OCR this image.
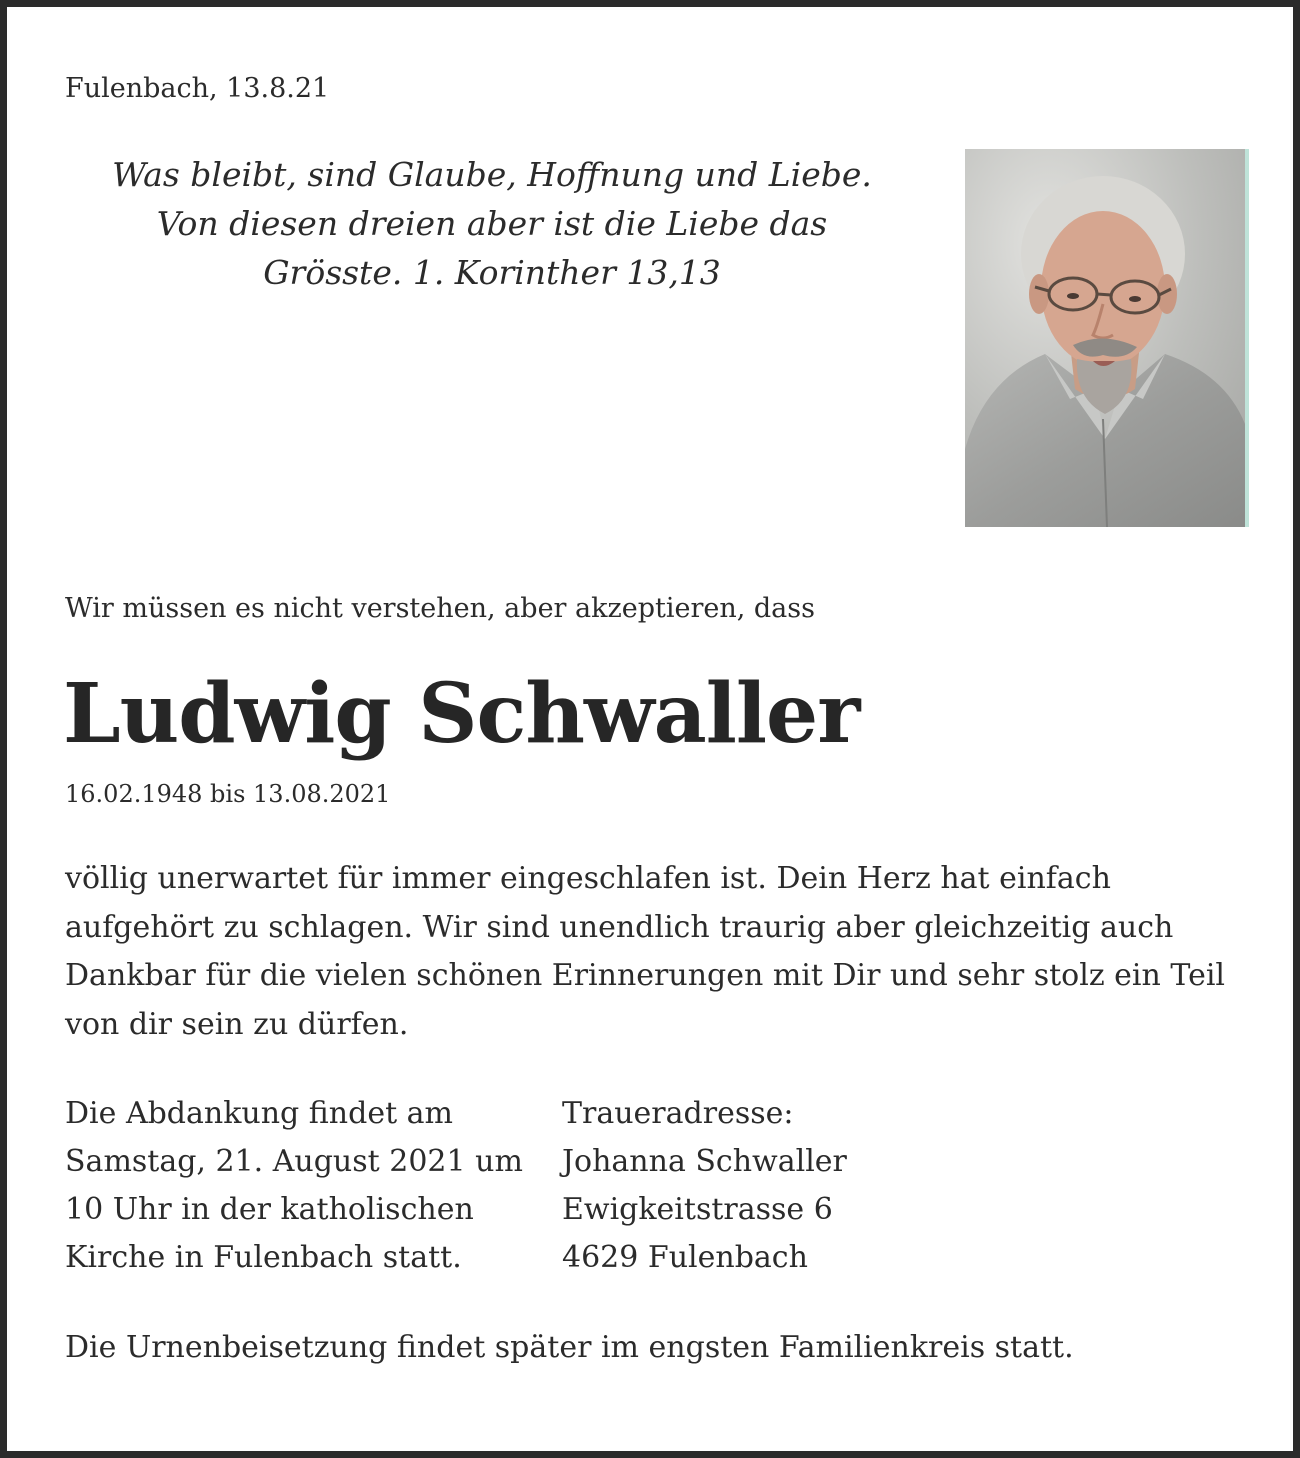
Fulenbach, 13.8.21
Was bleibt, sind Glaube, Hoffnung und Liebe.
Von diesen dreien aber ist die Liebe das
Grösste. 1. Korinther 13,13
Wir müssen es nicht verstehen, aber akzeptieren, dass
Ludwig Schwaller
16.02.1948 bis 13.08.2021
völlig unerwartet für immer eingeschlafen ist. Dein Herz hat einfach
aufgehört zu schlagen. Wir sind unendlich traurig aber gleichzeitig auch
Dankbar für die vielen schönen Erinnerungen mit Dir und sehr stolz ein Teil
von dir sein zu dürfen.
Die Abdankung findet am
Samstag, 21. August 2021 um
10 Uhr in der katholischen
Kirche in Fulenbach statt.
Traueradresse:
Johanna Schwaller
Ewigkeitstrasse 6
4629 Fulenbach
Die Urnenbeisetzung findet später im engsten Familienkreis statt.
